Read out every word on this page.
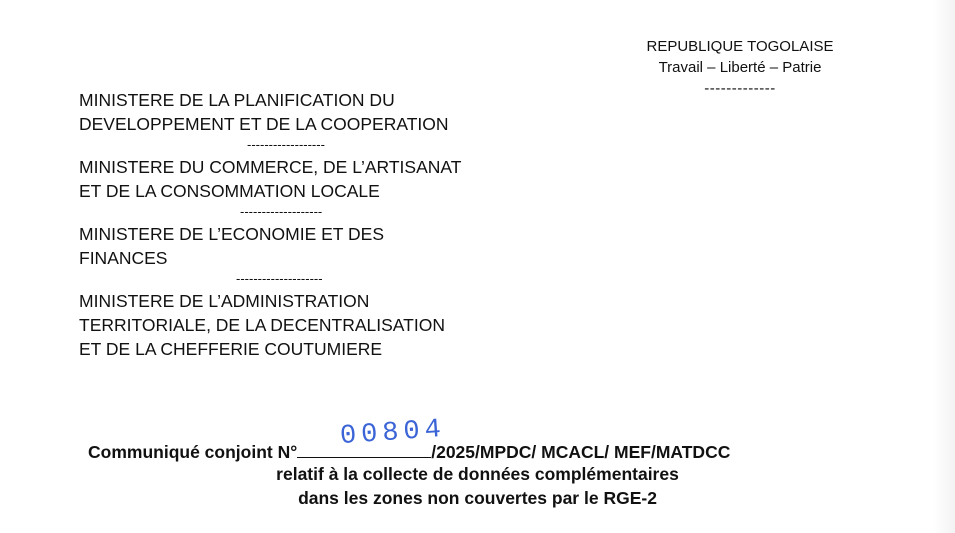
REPUBLIQUE TOGOLAISE
Travail – Liberté – Patrie
-------------
MINISTERE DE LA PLANIFICATION DU
DEVELOPPEMENT ET DE LA COOPERATION
------------------
MINISTERE DU COMMERCE, DE L’ARTISANAT
ET DE LA CONSOMMATION LOCALE
-------------------
MINISTERE DE L’ECONOMIE ET DES
FINANCES
--------------------
MINISTERE DE L’ADMINISTRATION
TERRITORIALE, DE LA DECENTRALISATION
ET DE LA CHEFFERIE COUTUMIERE
00804
Communiqué conjoint N°	/2025/MPDC/ MCACL/ MEF/MATDCC
relatif à la collecte de données complémentaires
dans les zones non couvertes par le RGE-2
